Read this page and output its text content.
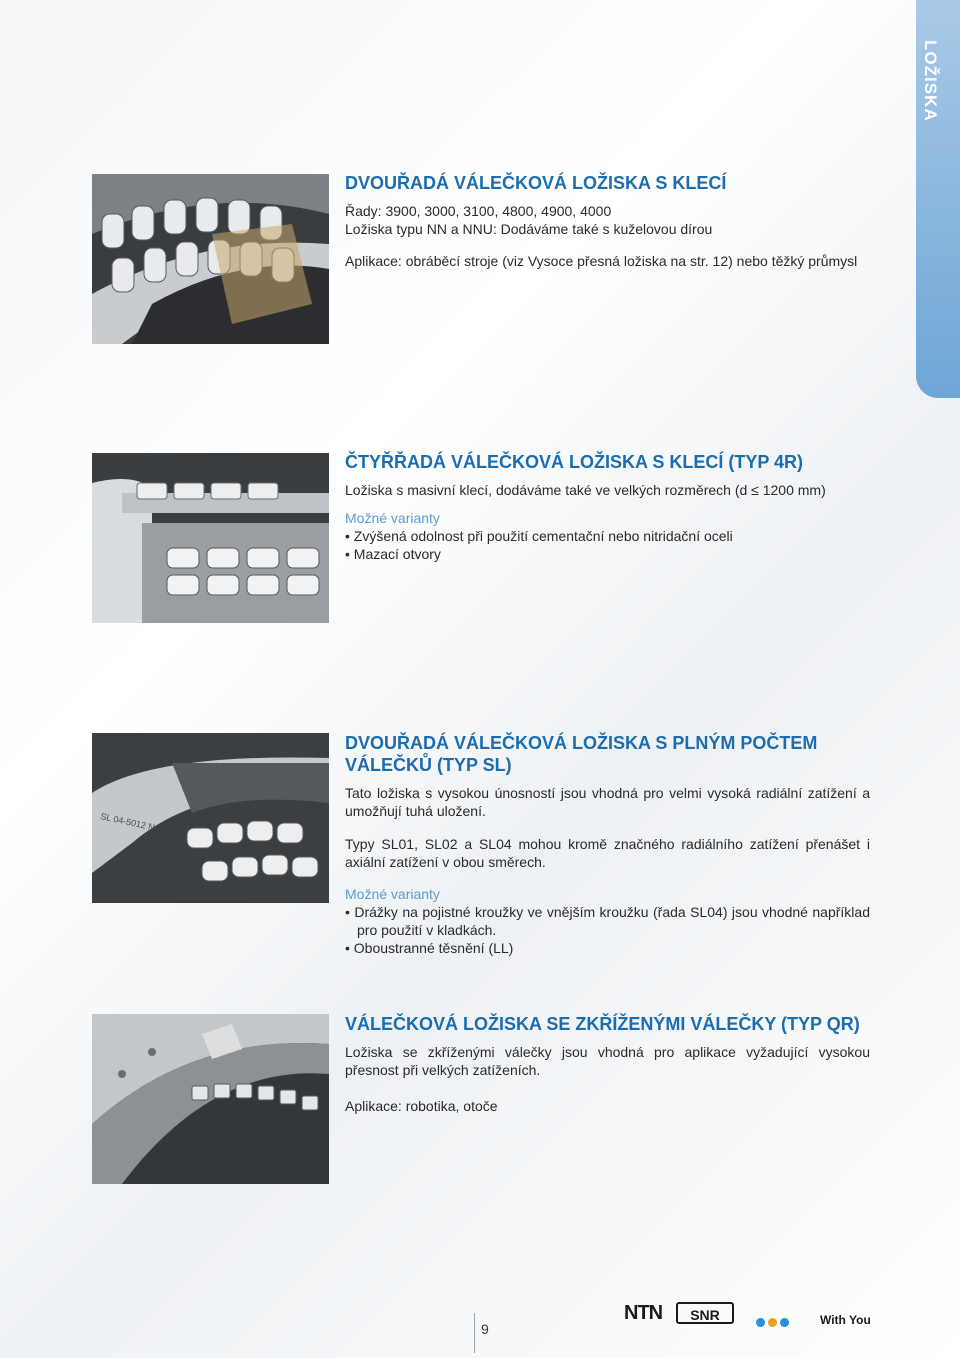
LOŽISKA

DVOUŘADÁ VÁLEČKOVÁ LOŽISKA S KLECÍ

Řady: 3900, 3000, 3100, 4800, 4900, 4000

Ložiska typu NN a NNU: Dodáváme také s kuželovou dírou

Aplikace: obráběcí stroje (viz Vysoce přesná ložiska na str. 12) nebo těžký průmysl

ČTYŘŘADÁ VÁLEČKOVÁ LOŽISKA S KLECÍ (TYP 4R)

Ložiska s masivní klecí, dodáváme také ve velkých rozměrech (d ≤ 1200 mm)

Možné varianty

• Zvýšená odolnost při použití cementační nebo nitridační oceli

• Mazací otvory

SL 04-5012 N

DVOUŘADÁ VÁLEČKOVÁ LOŽISKA S PLNÝM POČTEM

VÁLEČKŮ (TYP SL)

Tato ložiska s vysokou únosností jsou vhodná pro velmi vysoká radiální zatížení a umožňují tuhá uložení.

Typy SL01, SL02 a SL04 mohou kromě značného radiálního zatížení přenášet i axiální zatížení v obou směrech.

Možné varianty

• Drážky na pojistné kroužky ve vnějším kroužku (řada SL04) jsou vhodné například pro použití v kladkách.

• Oboustranné těsnění (LL)

VÁLEČKOVÁ LOŽISKA SE ZKŘÍŽENÝMI VÁLEČKY (TYP QR)

Ložiska se zkříženými válečky jsou vhodná pro aplikace vyžadující vysokou přesnost při velkých zatíženích.

Aplikace: robotika, otoče

9
NTN	SNR	With You
